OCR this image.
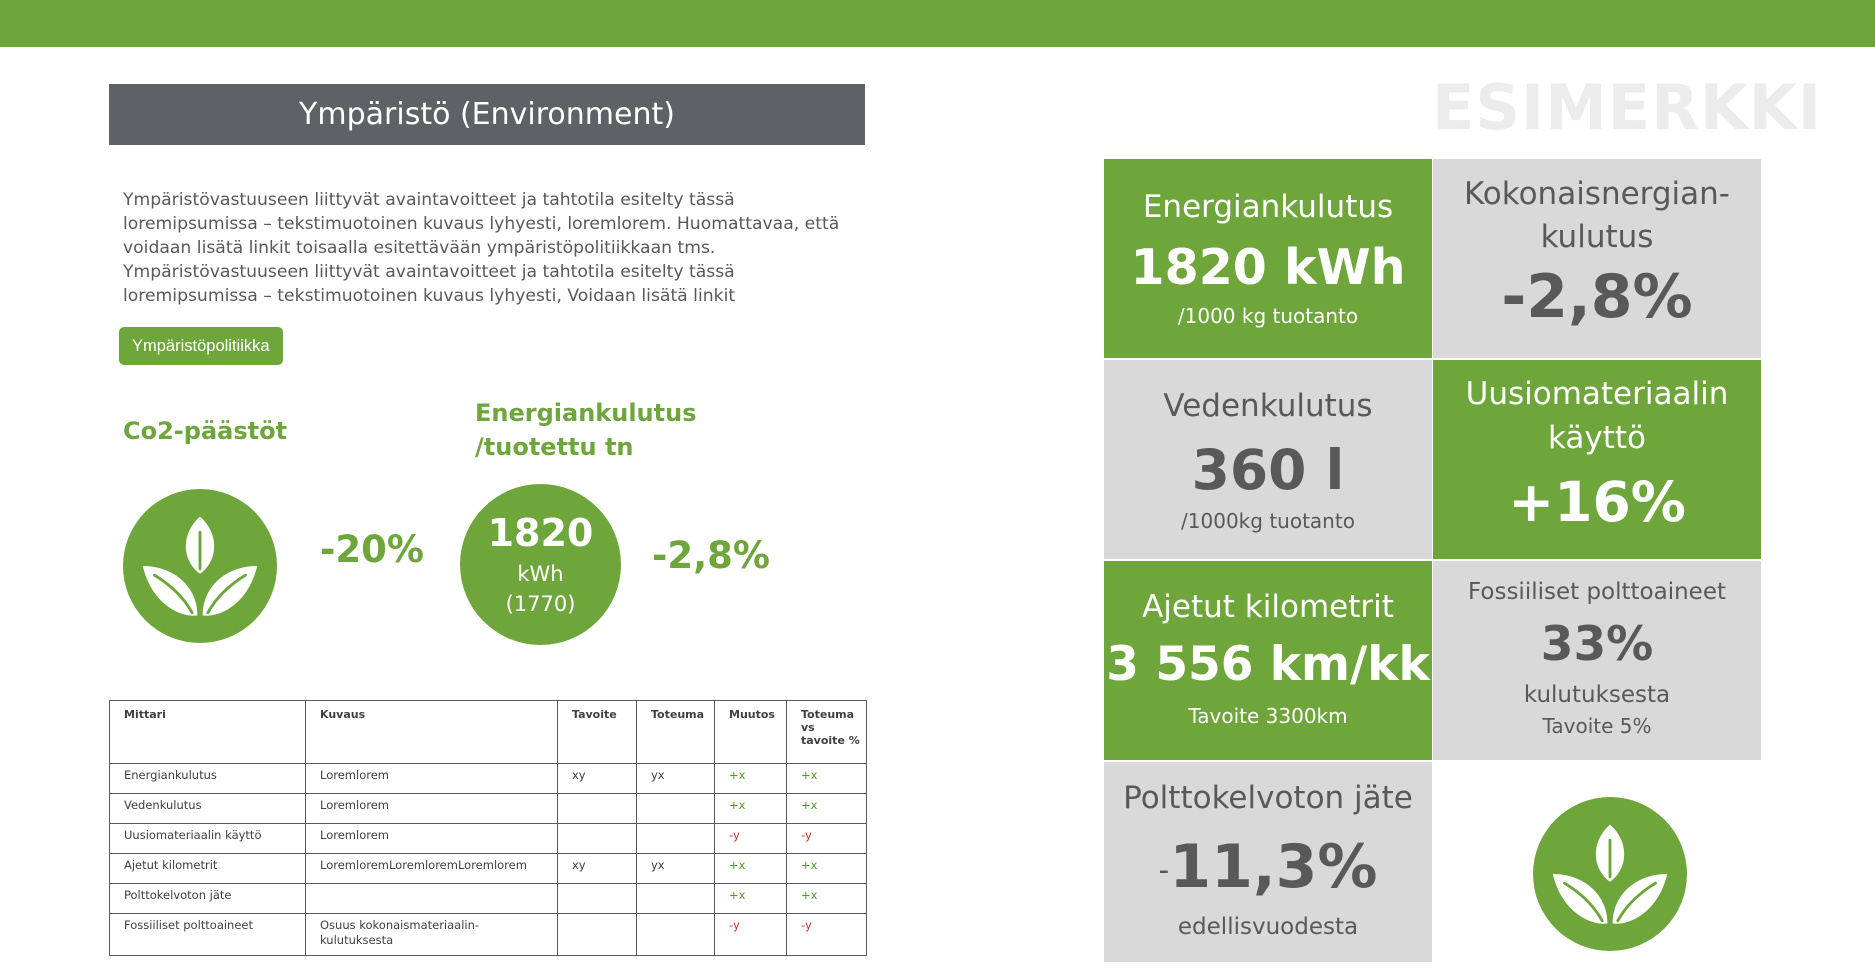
Ympäristö (Environment)
Ympäristövastuuseen liittyvät avaintavoitteet ja tahtotila esitelty tässä loremipsumissa – tekstimuotoinen kuvaus lyhyesti, loremlorem. Huomattavaa, että voidaan lisätä linkit toisaalla esitettävään ympäristöpolitiikkaan tms. Ympäristövastuuseen liittyvät avaintavoitteet ja tahtotila esitelty tässä loremipsumissa – tekstimuotoinen kuvaus lyhyesti, Voidaan lisätä linkit
Ympäristöpolitiikka
Co2-päästöt
-20%
Energiankulutus
/tuotettu tn
1820
kWh
(1770)
-2,8%
Mittari	Kuvaus	Tavoite	Toteuma	Muutos	Toteuma vs tavoite %
Energiankulutus	Loremlorem	xy	yx	+x	+x
Vedenkulutus	Loremlorem			+x	+x
Uusiomateriaalin käyttö	Loremlorem			-y	-y
Ajetut kilometrit	LoremloremLoremloremLoremlorem	xy	yx	+x	+x
Polttokelvoton jäte				+x	+x
Fossiiliset polttoaineet	Osuus kokonaismateriaalin-kulutuksesta			-y	-y
ESIMERKKI
Energiankulutus
1820 kWh
/1000 kg tuotanto
Kokonaisnergian-
kulutus
-2,8%
Vedenkulutus
360 l
/1000kg tuotanto
Uusiomateriaalin
käyttö
+16%
Ajetut kilometrit
3 556 km/kk
Tavoite 3300km
Fossiiliset polttoaineet
33%
kulutuksesta
Tavoite 5%
Polttokelvoton jäte
-11,3%
edellisvuodesta
